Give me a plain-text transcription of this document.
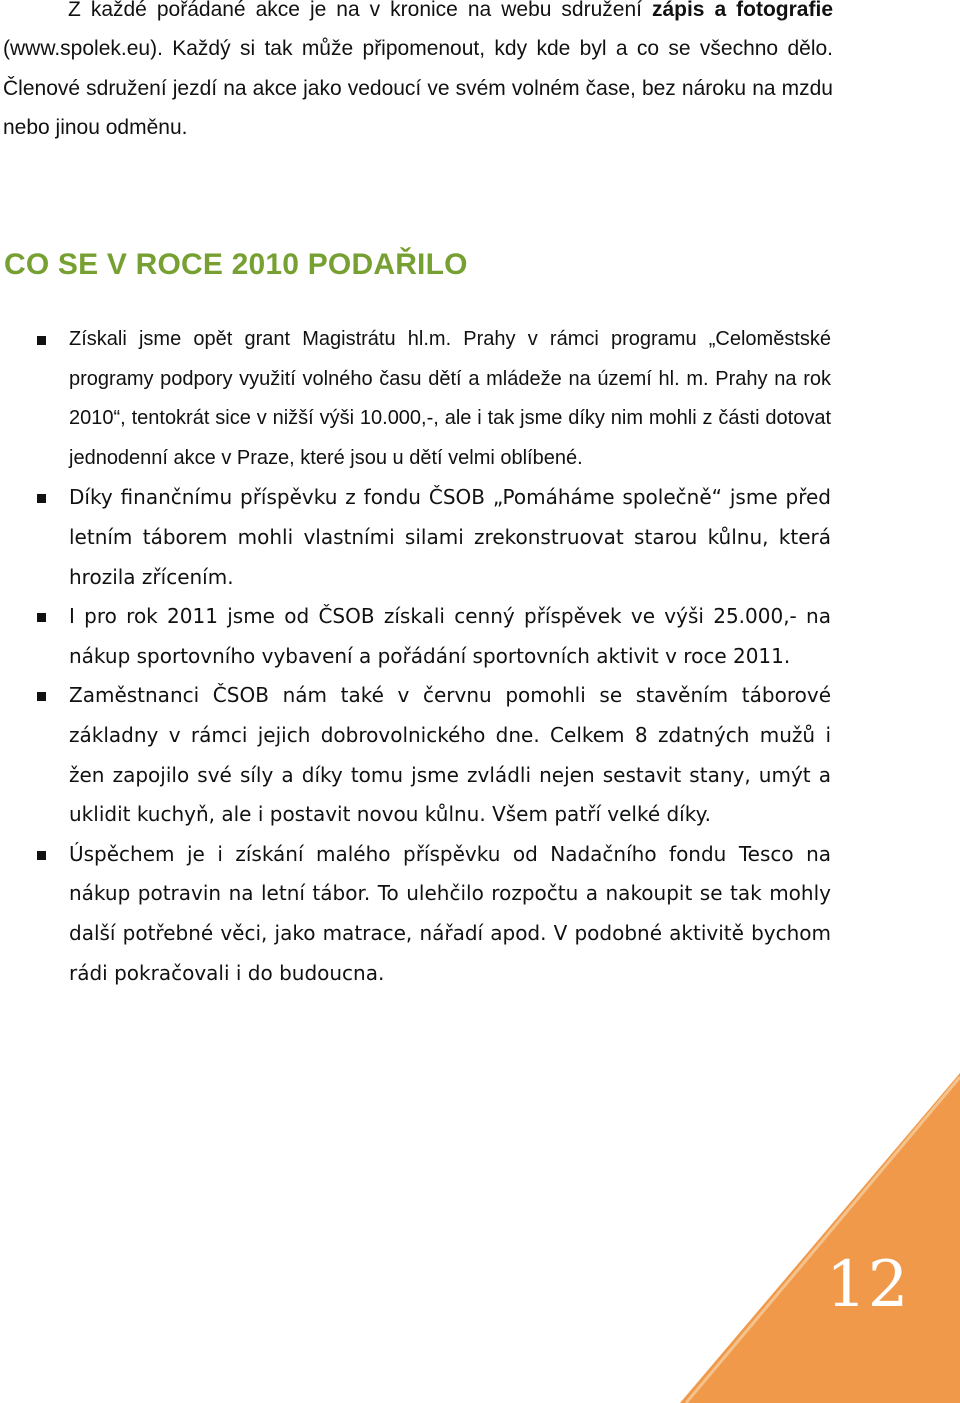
Z každé pořádané akce je na v kronice na webu sdružení zápis a fotografie (www.spolek.eu). Každý si tak může připomenout, kdy kde byl a co se všechno dělo. Členové sdružení jezdí na akce jako vedoucí ve svém volném čase, bez nároku na mzdu nebo jinou odměnu.
CO SE V ROCE 2010 PODAŘILO
Získali jsme opět grant Magistrátu hl.m. Prahy v rámci programu „Celoměstské programy podpory využití volného času dětí a mládeže na území hl. m. Prahy na rok 2010“, tentokrát sice v nižší výši 10.000,-, ale i tak jsme díky nim mohli z části dotovat jednodenní akce v Praze, které jsou u dětí velmi oblíbené.
Díky finančnímu příspěvku z fondu ČSOB „Pomáháme společně“ jsme před letním táborem mohli vlastními silami zrekonstruovat starou kůlnu, která hrozila zřícením.
I pro rok 2011 jsme od ČSOB získali cenný příspěvek ve výši 25.000,- na nákup sportovního vybavení a pořádání sportovních aktivit v roce 2011.
Zaměstnanci ČSOB nám také v červnu pomohli se stavěním táborové základny v rámci jejich dobrovolnického dne. Celkem 8 zdatných mužů i žen zapojilo své síly a díky tomu jsme zvládli nejen sestavit stany, umýt a uklidit kuchyň, ale i postavit novou kůlnu. Všem patří velké díky.
Úspěchem je i získání malého příspěvku od Nadačního fondu Tesco na nákup potravin na letní tábor. To ulehčilo rozpočtu a nakoupit se tak mohly další potřebné věci, jako matrace, nářadí apod. V podobné aktivitě bychom rádi pokračovali i do budoucna.
12
